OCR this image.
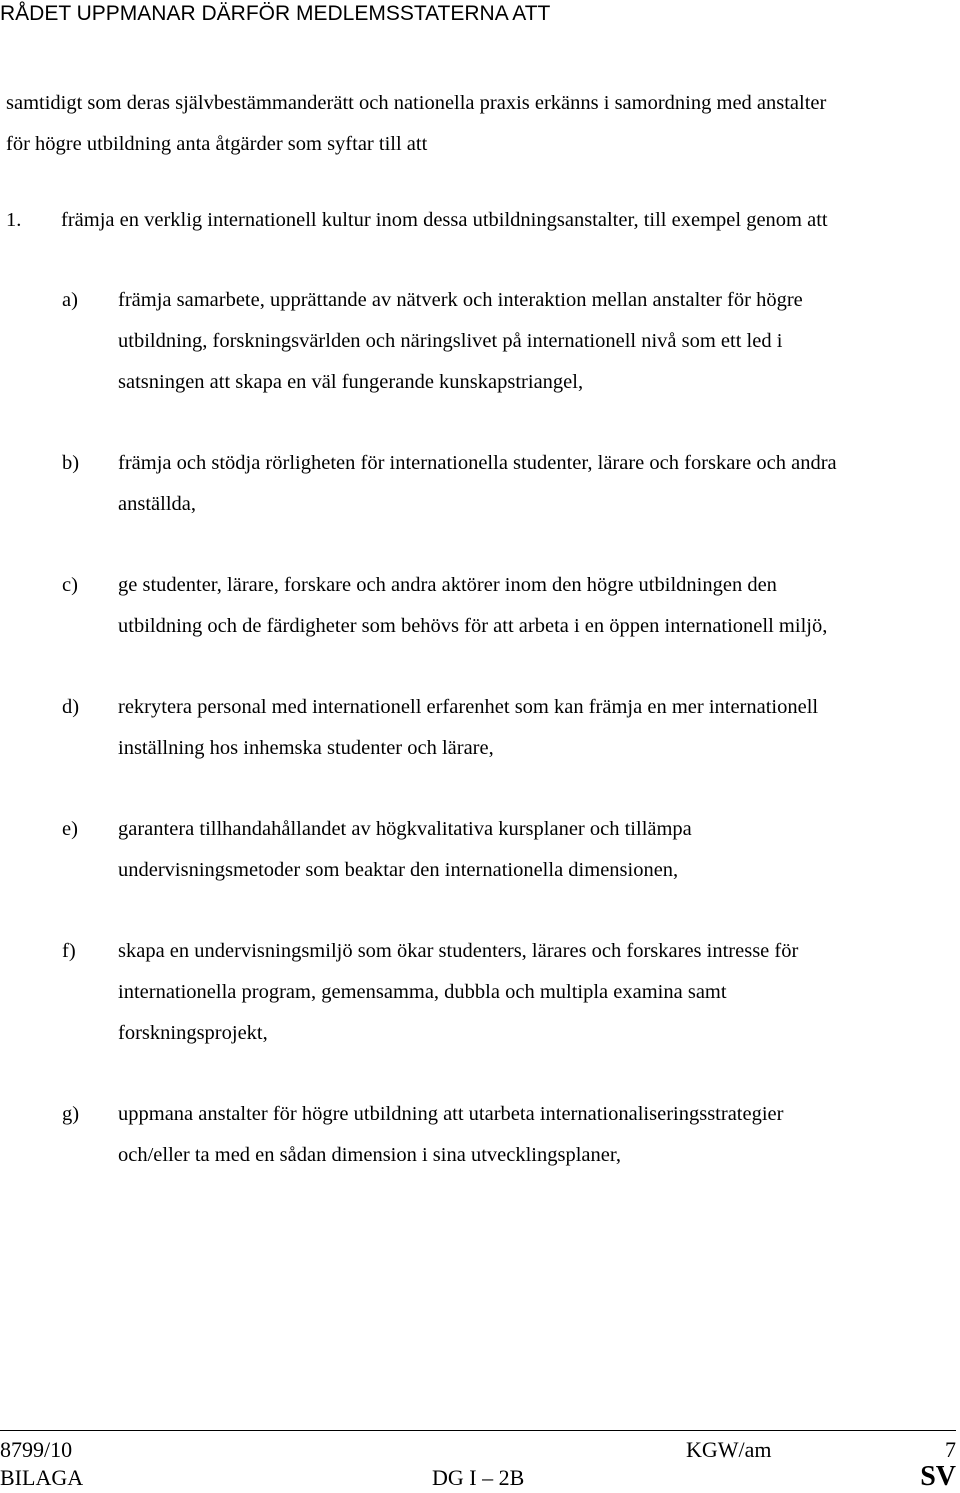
RÅDET UPPMANAR DÄRFÖR MEDLEMSSTATERNA ATT

samtidigt som deras självbestämmanderätt och nationella praxis erkänns i samordning med anstalter

för högre utbildning anta åtgärder som syftar till att

1. främja en verklig internationell kultur inom dessa utbildningsanstalter, till exempel genom att
a)	främja samarbete, upprättande av nätverk och interaktion mellan anstalter för högre

utbildning, forskningsvärlden och näringslivet på internationell nivå som ett led i

satsningen att skapa en väl fungerande kunskapstriangel,

b)	främja och stödja rörligheten för internationella studenter, lärare och forskare och andra

anställda,

c)	ge studenter, lärare, forskare och andra aktörer inom den högre utbildningen den

utbildning och de färdigheter som behövs för att arbeta i en öppen internationell miljö,

d)	rekrytera personal med internationell erfarenhet som kan främja en mer internationell

inställning hos inhemska studenter och lärare,

e)	garantera tillhandahållandet av högkvalitativa kursplaner och tillämpa

undervisningsmetoder som beaktar den internationella dimensionen,

f)	skapa en undervisningsmiljö som ökar studenters, lärares och forskares intresse för

internationella program, gemensamma, dubbla och multipla examina samt

forskningsprojekt,

g)	uppmana anstalter för högre utbildning att utarbeta internationaliseringsstrategier

och/eller ta med en sådan dimension i sina utvecklingsplaner,

8799/10	KGW/am	7
BILAGA	DG I – 2B	SV
